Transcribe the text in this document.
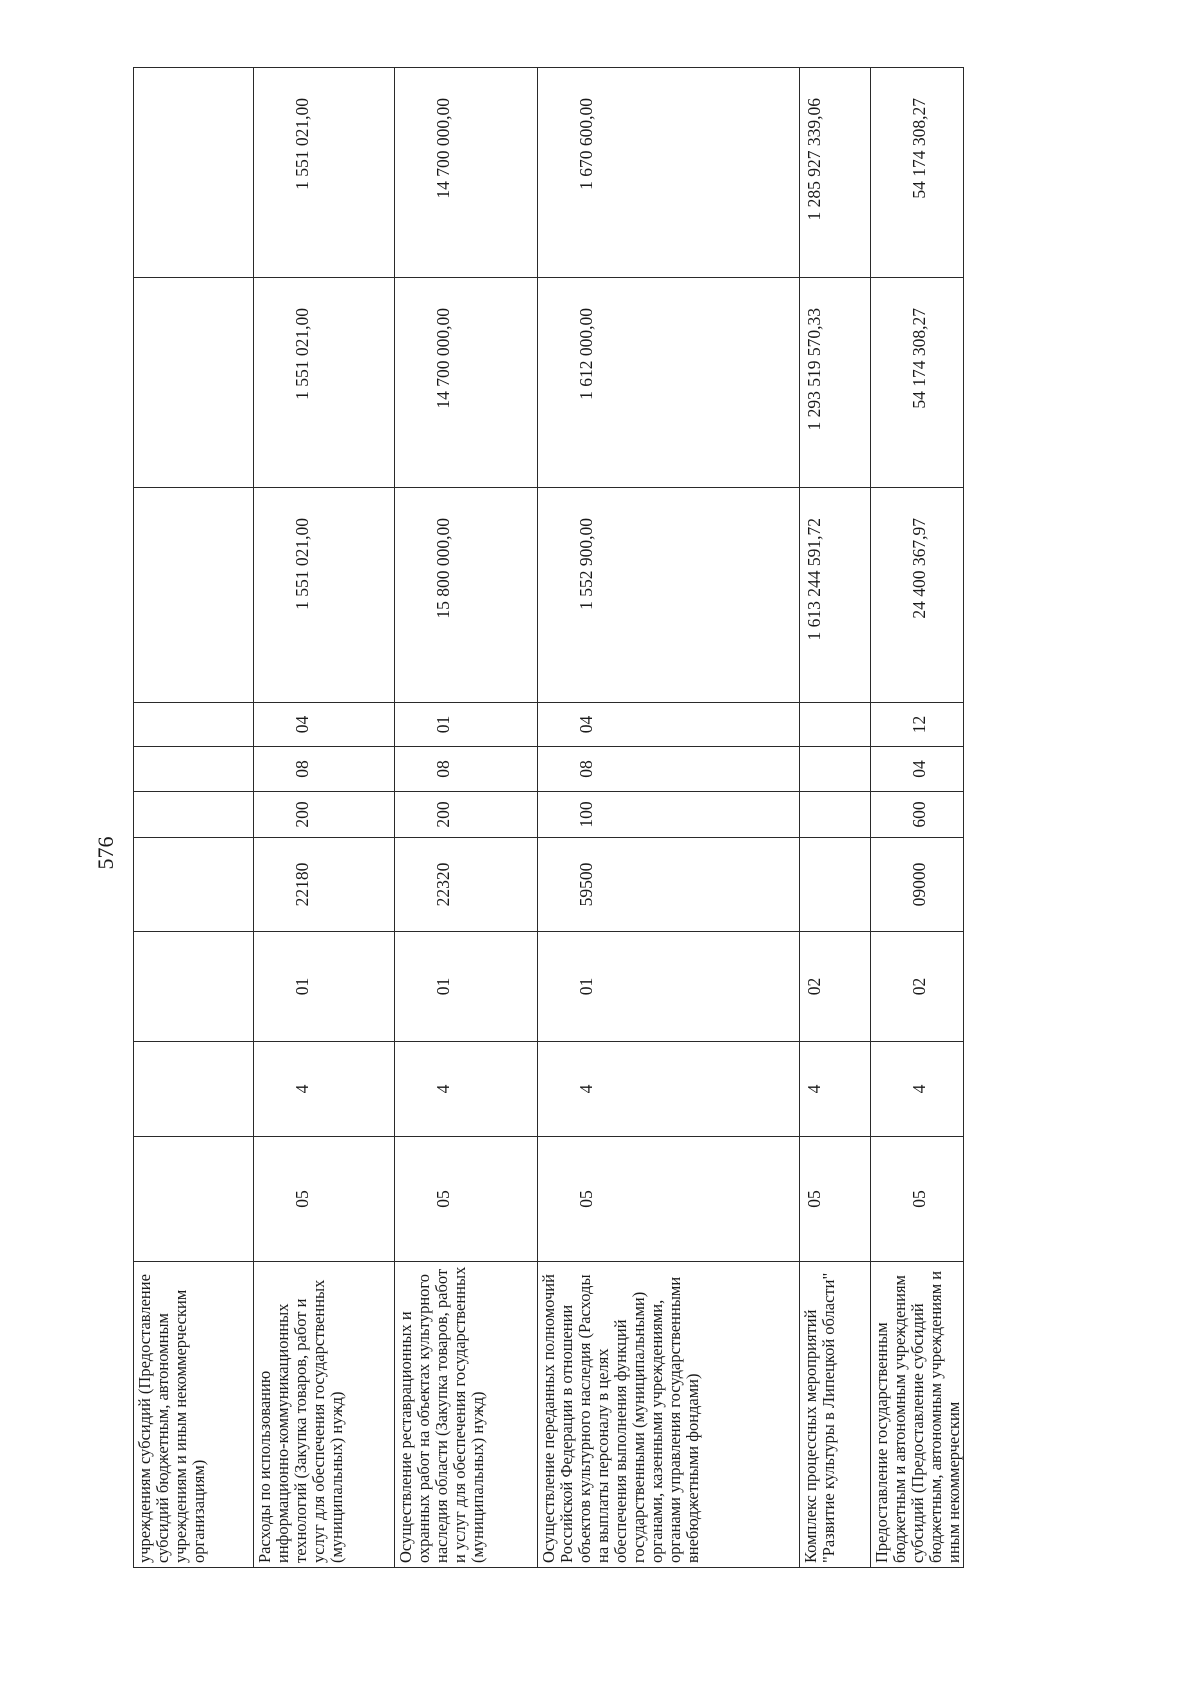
576
учреждениям субсидий (Предоставление субсидий бюджетным, автономным учреждениям и иным некоммерческим организациям)										
Расходы по использованию информационно-коммуникационных технологий (Закупка товаров, работ и услуг для обеспечения государственных (муниципальных) нужд)	05	4	01	22180	200	08	04	1 551 021,00	1 551 021,00	1 551 021,00
Осуществление реставрационных и охранных работ на объектах культурного наследия области (Закупка товаров, работ и услуг для обеспечения государственных (муниципальных) нужд)	05	4	01	22320	200	08	01	15 800 000,00	14 700 000,00	14 700 000,00
Осуществление переданных полномочий Российской Федерации в отношении объектов культурного наследия (Расходы на выплаты персоналу в целях обеспечения выполнения функций государственными (муниципальными) органами, казенными учреждениями, органами управления государственными внебюджетными фондами)	05	4	01	59500	100	08	04	1 552 900,00	1 612 000,00	1 670 600,00
Комплекс процессных мероприятий "Развитие культуры в Липецкой области"	05	4	02					1 613 244 591,72	1 293 519 570,33	1 285 927 339,06
Предоставление государственным бюджетным и автономным учреждениям субсидий (Предоставление субсидий бюджетным, автономным учреждениям и иным некоммерческим	05	4	02	09000	600	04	12	24 400 367,97	54 174 308,27	54 174 308,27
